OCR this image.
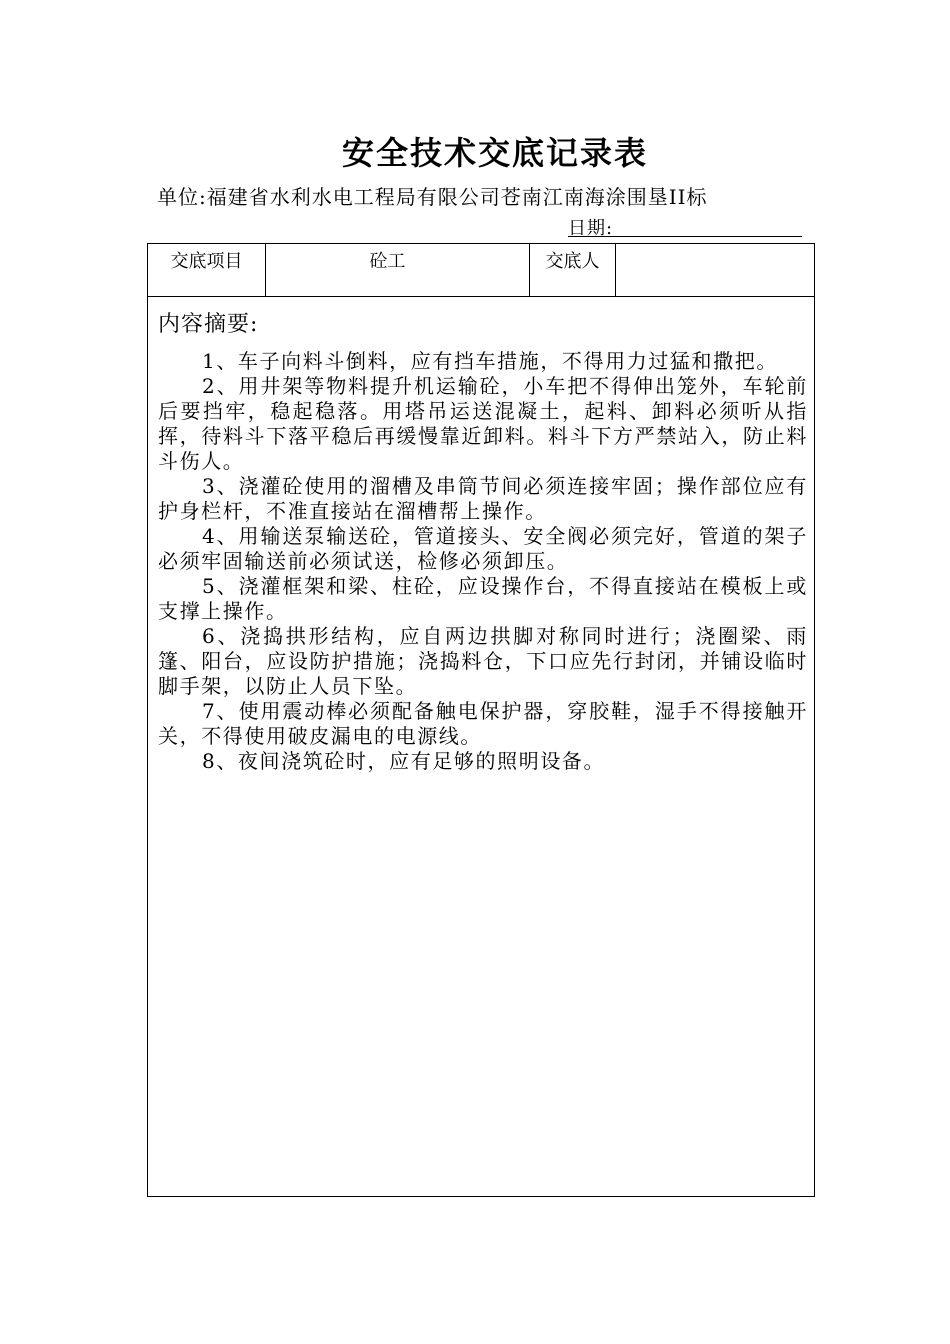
安全技术交底记录表
单位:福建省水利水电工程局有限公司苍南江南海涂围垦II标
日期:
交底项目	砼工	交底人
内容摘要:

1、车子向料斗倒料，应有挡车措施，不得用力过猛和撒把。

2、用井架等物料提升机运输砼，小车把不得伸出笼外，车轮前后要挡牢，稳起稳落。用塔吊运送混凝土，起料、卸料必须听从指挥，待料斗下落平稳后再缓慢靠近卸料。料斗下方严禁站入，防止料斗伤人。

3、浇灌砼使用的溜槽及串筒节间必须连接牢固；操作部位应有护身栏杆，不准直接站在溜槽帮上操作。

4、用输送泵输送砼，管道接头、安全阀必须完好，管道的架子必须牢固输送前必须试送，检修必须卸压。

5、浇灌框架和梁、柱砼，应设操作台，不得直接站在模板上或支撑上操作。

6、浇捣拱形结构，应自两边拱脚对称同时进行；浇圈梁、雨篷、阳台，应设防护措施；浇捣料仓，下口应先行封闭，并铺设临时脚手架，以防止人员下坠。

7、使用震动棒必须配备触电保护器，穿胶鞋，湿手不得接触开关，不得使用破皮漏电的电源线。

8、夜间浇筑砼时，应有足够的照明设备。
